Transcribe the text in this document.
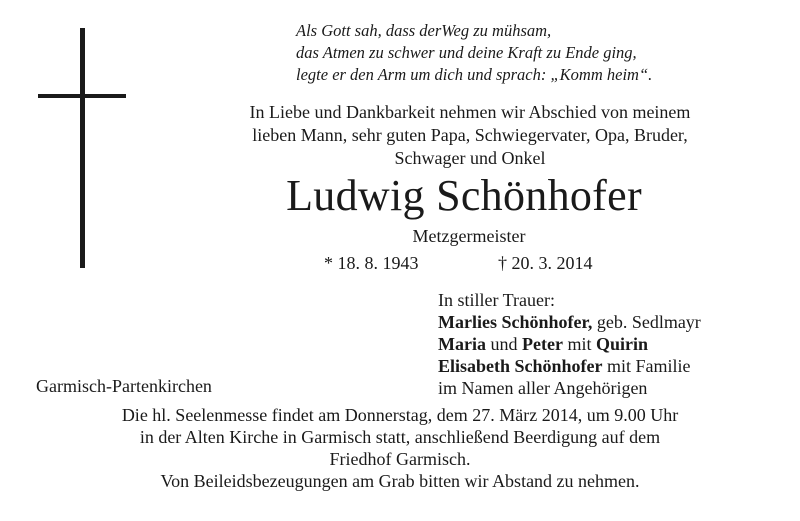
Als Gott sah, dass derWeg zu mühsam,
das Atmen zu schwer und deine Kraft zu Ende ging,
legte er den Arm um dich und sprach: „Komm heim“.
In Liebe und Dankbarkeit nehmen wir Abschied von meinem
lieben Mann, sehr guten Papa, Schwiegervater, Opa, Bruder,
Schwager und Onkel
Ludwig Schönhofer
Metzgermeister
* 18. 8. 1943	† 20. 3. 2014
In stiller Trauer:
Marlies Schönhofer, geb. Sedlmayr
Maria und Peter mit Quirin
Elisabeth Schönhofer mit Familie
im Namen aller Angehörigen
Garmisch-Partenkirchen
Die hl. Seelenmesse findet am Donnerstag, dem 27. März 2014, um 9.00 Uhr
in der Alten Kirche in Garmisch statt, anschließend Beerdigung auf dem
Friedhof Garmisch.
Von Beileidsbezeugungen am Grab bitten wir Abstand zu nehmen.
